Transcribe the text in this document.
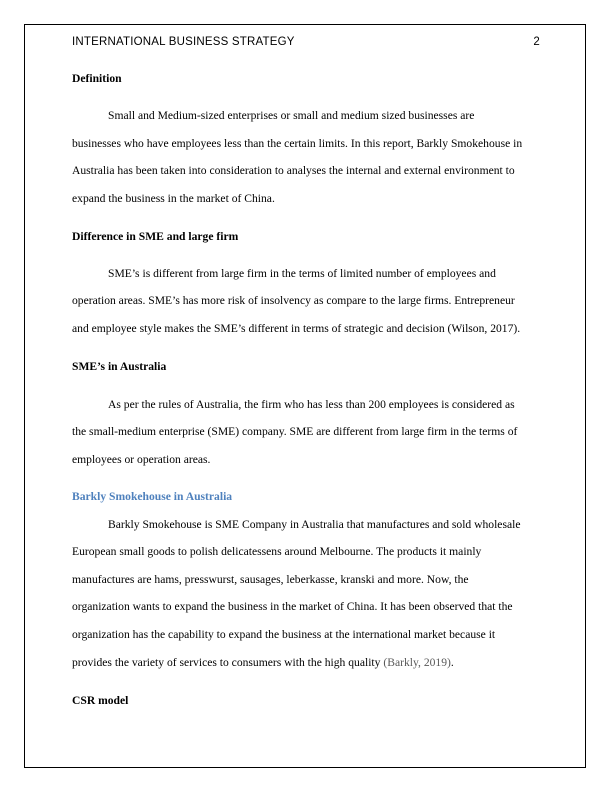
INTERNATIONAL BUSINESS STRATEGY	2
Definition
Small and Medium-sized enterprises or small and medium sized businesses are
businesses who have employees less than the certain limits. In this report, Barkly Smokehouse in
Australia has been taken into consideration to analyses the internal and external environment to
expand the business in the market of China.
Difference in SME and large firm
SME’s is different from large firm in the terms of limited number of employees and
operation areas. SME’s has more risk of insolvency as compare to the large firms. Entrepreneur
and employee style makes the SME’s different in terms of strategic and decision (Wilson, 2017).
SME’s in Australia
As per the rules of Australia, the firm who has less than 200 employees is considered as
the small-medium enterprise (SME) company. SME are different from large firm in the terms of
employees or operation areas.
Barkly Smokehouse in Australia
Barkly Smokehouse is SME Company in Australia that manufactures and sold wholesale
European small goods to polish delicatessens around Melbourne. The products it mainly
manufactures are hams, presswurst, sausages, leberkasse, kranski and more. Now, the
organization wants to expand the business in the market of China. It has been observed that the
organization has the capability to expand the business at the international market because it
provides the variety of services to consumers with the high quality (Barkly, 2019).
CSR model
